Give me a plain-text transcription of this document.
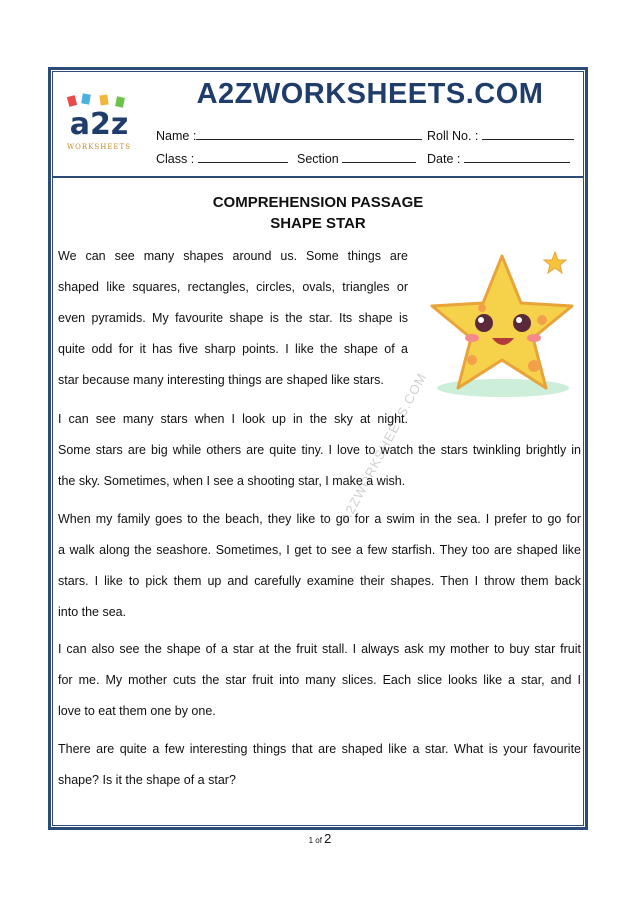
a2z
WORKSHEETS
A2ZWORKSHEETS.COM
Name :	Roll No. :
Class :	Section	Date :
COMPREHENSION PASSAGE
SHAPE STAR
A2ZWORKSHEETS.COM
We can see many shapes around us. Some things are
shaped like squares, rectangles, circles, ovals, triangles or
even pyramids. My favourite shape is the star. Its shape is
quite odd for it has five sharp points. I like the shape of a
star because many interesting things are shaped like stars.
I can see many stars when I look up in the sky at night.
Some stars are big while others are quite tiny. I love to watch the stars twinkling brightly in
the sky. Sometimes, when I see a shooting star, I make a wish.
When my family goes to the beach, they like to go for a swim in the sea. I prefer to go for
a walk along the seashore. Sometimes, I get to see a few starfish. They too are shaped like
stars. I like to pick them up and carefully examine their shapes. Then I throw them back
into the sea.
I can also see the shape of a star at the fruit stall. I always ask my mother to buy star fruit
for me. My mother cuts the star fruit into many slices. Each slice looks like a star, and I
love to eat them one by one.
There are quite a few interesting things that are shaped like a star. What is your favourite
shape? Is it the shape of a star?
1 of 2
